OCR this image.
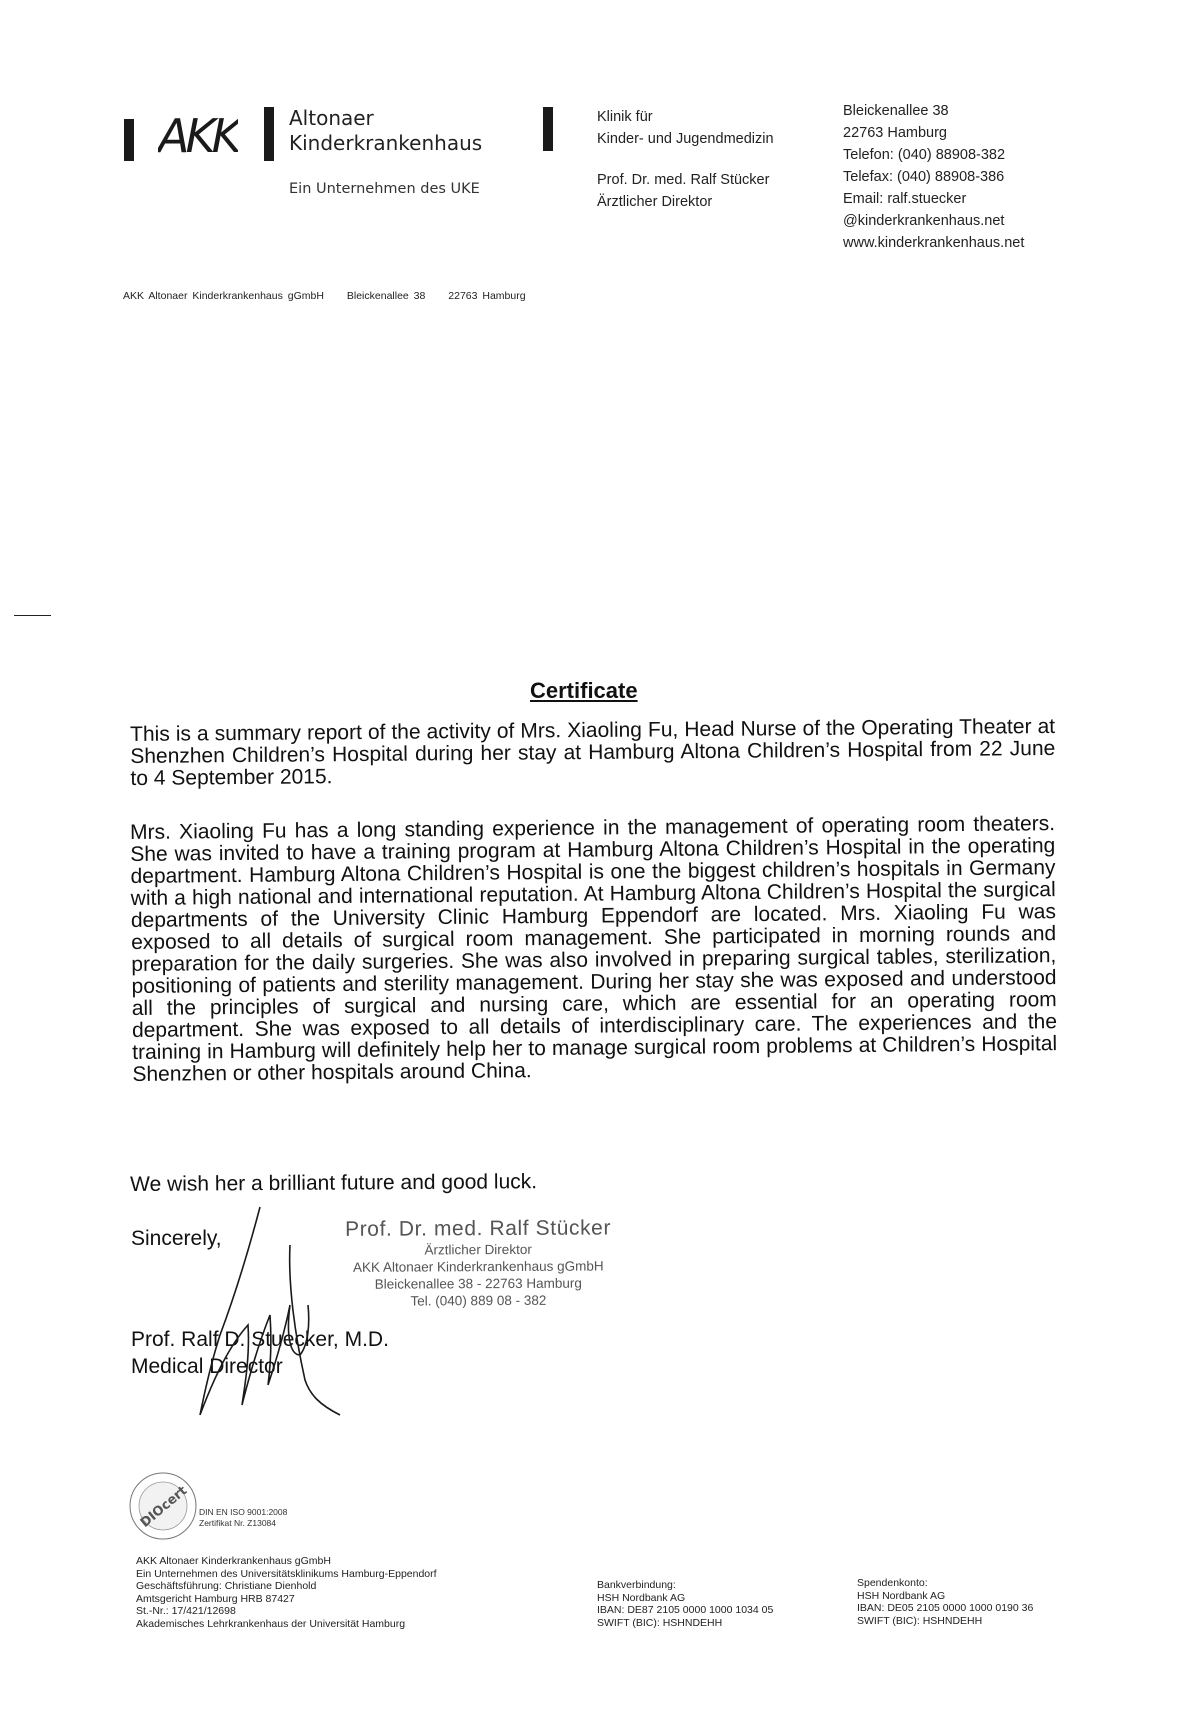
AKK	Altonaer
Kinderkrankenhaus
Ein Unternehmen des UKE
Klinik für
Kinder- und Jugendmedizin
Prof. Dr. med. Ralf Stücker
Ärztlicher Direktor
Bleickenallee 38
22763 Hamburg
Telefon: (040) 88908-382
Telefax: (040) 88908-386
Email: ralf.stuecker
@kinderkrankenhaus.net
www.kinderkrankenhaus.net
AKK Altonaer Kinderkrankenhaus gGmbH Bleickenallee 38 22763 Hamburg
Certificate
This is a summary report of the activity of Mrs. Xiaoling Fu, Head Nurse of the Operating Theater at Shenzhen Children’s Hospital during her stay at Hamburg Altona Children’s Hospital from 22 June to 4 September 2015.
Mrs. Xiaoling Fu has a long standing experience in the management of operating room theaters. She was invited to have a training program at Hamburg Altona Children’s Hospital in the operating department. Hamburg Altona Children’s Hospital is one the biggest children’s hospitals in Germany with a high national and international reputation. At Hamburg Altona Children’s Hospital the surgical departments of the University Clinic Hamburg Eppendorf are located. Mrs. Xiaoling Fu was exposed to all details of surgical room management. She participated in morning rounds and preparation for the daily surgeries. She was also involved in preparing surgical tables, sterilization, positioning of patients and sterility management. During her stay she was exposed and understood all the principles of surgical and nursing care, which are essential for an operating room department. She was exposed to all details of interdisciplinary care. The experiences and the training in Hamburg will definitely help her to manage surgical room problems at Children’s Hospital Shenzhen or other hospitals around China.
We wish her a brilliant future and good luck.
Sincerely,	Prof. Dr. med. Ralf Stücker
Ärztlicher Direktor
AKK Altonaer Kinderkrankenhaus gGmbH
Bleickenallee 38 - 22763 Hamburg
Tel. (040) 889 08 - 382
Prof. Ralf D. Stuecker, M.D.
Medical Director
DIOcert DIN EN ISO 9001:2008
Zertifikat Nr. Z13084
AKK Altonaer Kinderkrankenhaus gGmbH
Ein Unternehmen des Universitätsklinikums Hamburg-Eppendorf
Geschäftsführung: Christiane Dienhold
Amtsgericht Hamburg HRB 87427
St.-Nr.: 17/421/12698
Akademisches Lehrkrankenhaus der Universität Hamburg
Bankverbindung:
HSH Nordbank AG
IBAN: DE87 2105 0000 1000 1034 05
SWIFT (BIC): HSHNDEHH
Spendenkonto:
HSH Nordbank AG
IBAN: DE05 2105 0000 1000 0190 36
SWIFT (BIC): HSHNDEHH
